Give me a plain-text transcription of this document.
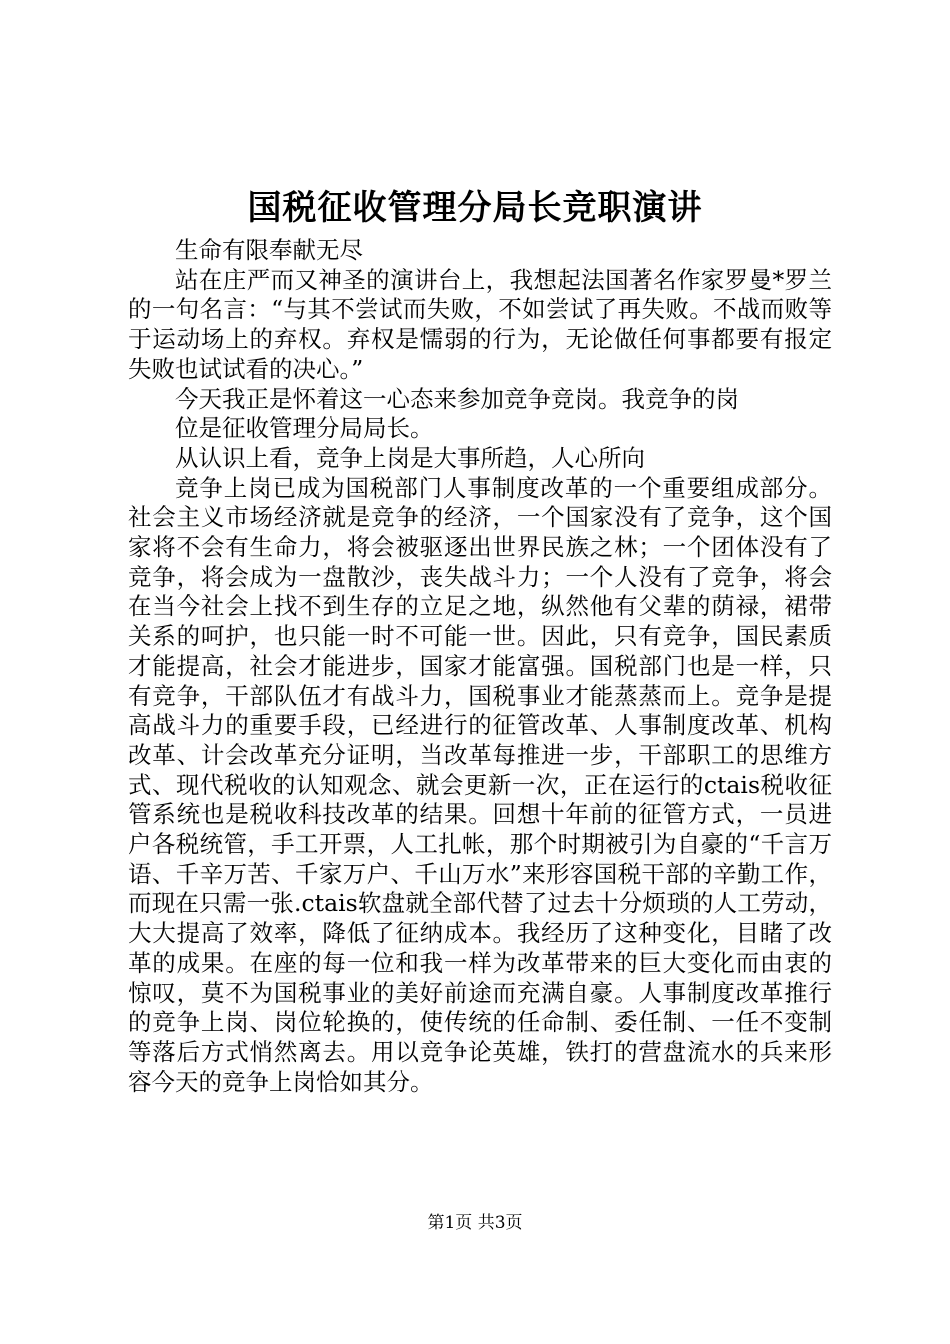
国税征收管理分局长竞职演讲

生命有限奉献无尽

站在庄严而又神圣的演讲台上，我想起法国著名作家罗曼*罗兰的一句名言：“与其不尝试而失败，不如尝试了再失败。不战而败等于运动场上的弃权。弃权是懦弱的行为，无论做任何事都要有报定失败也试试看的决心。”

今天我正是怀着这一心态来参加竞争竞岗。我竞争的岗

位是征收管理分局局长。

从认识上看，竞争上岗是大事所趋，人心所向

竞争上岗已成为国税部门人事制度改革的一个重要组成部分。社会主义市场经济就是竞争的经济，一个国家没有了竞争，这个国家将不会有生命力，将会被驱逐出世界民族之林；一个团体没有了竞争，将会成为一盘散沙，丧失战斗力；一个人没有了竞争，将会在当今社会上找不到生存的立足之地，纵然他有父辈的荫禄，裙带关系的呵护，也只能一时不可能一世。因此，只有竞争，国民素质才能提高，社会才能进步，国家才能富强。国税部门也是一样，只有竞争，干部队伍才有战斗力，国税事业才能蒸蒸而上。竞争是提高战斗力的重要手段，已经进行的征管改革、人事制度改革、机构改革、计会改革充分证明，当改革每推进一步，干部职工的思维方式、现代税收的认知观念、就会更新一次，正在运行的ctais税收征管系统也是税收科技改革的结果。回想十年前的征管方式，一员进户各税统管，手工开票，人工扎帐，那个时期被引为自豪的“千言万语、千辛万苦、千家万户、千山万水”来形容国税干部的辛勤工作，而现在只需一张.ctais软盘就全部代替了过去十分烦琐的人工劳动，大大提高了效率，降低了征纳成本。我经历了这种变化，目睹了改革的成果。在座的每一位和我一样为改革带来的巨大变化而由衷的惊叹，莫不为国税事业的美好前途而充满自豪。人事制度改革推行的竞争上岗、岗位轮换的，使传统的任命制、委任制、一任不变制等落后方式悄然离去。用以竞争论英雄，铁打的营盘流水的兵来形容今天的竞争上岗恰如其分。

第1页 共3页
